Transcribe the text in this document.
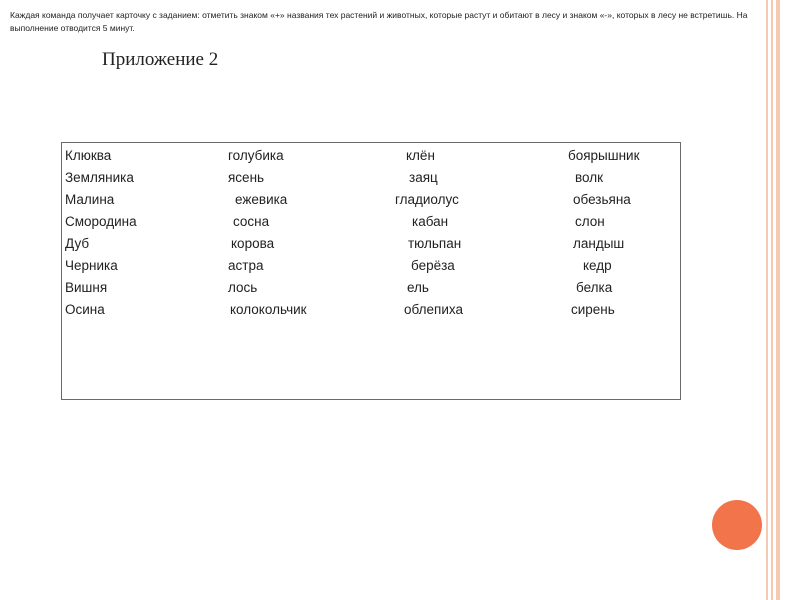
Каждая команда получает карточку с заданием: отметить знаком «+» названия тех растений и животных, которые растут и обитают в лесу и знаком «-», которых в лесу не встретишь. На выполнение отводится 5 минут.
Приложение 2
Клюква	голубика	клён	боярышник
Земляника	ясень	заяц	волк
Малина	ежевика	гладиолус	обезьяна
Смородина	сосна	кабан	слон
Дуб	корова	тюльпан	ландыш
Черника	астра	берёза	кедр
Вишня	лось	ель	белка
Осина	колокольчик	облепиха	сирень
